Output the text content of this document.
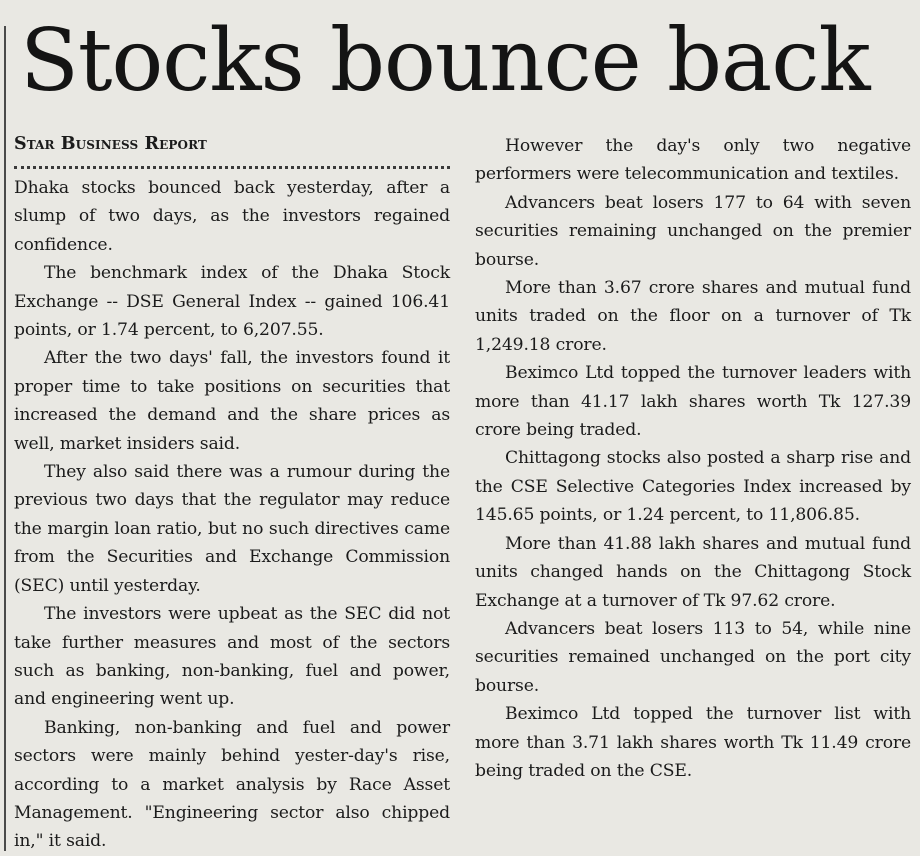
Stocks bounce back

Star Business Report

Dhaka stocks bounced back yesterday, after a slump of two days, as the investors regained confidence.

The benchmark index of the Dhaka Stock Exchange -- DSE General Index -- gained 106.41 points, or 1.74 percent, to 6,207.55.

After the two days' fall, the investors found it proper time to take positions on securities that increased the demand and the share prices as well, market insiders said.

They also said there was a rumour during the previous two days that the regulator may reduce the margin loan ratio, but no such directives came from the Securities and Exchange Commission (SEC) until yesterday.

The investors were upbeat as the SEC did not take further measures and most of the sectors such as banking, non-banking, fuel and power, and engineering went up.

Banking, non-banking and fuel and power sectors were mainly behind yester-day's rise, according to a market analysis by Race Asset Management. "Engineering sector also chipped in," it said.

However the day's only two negative performers were telecommunication and textiles.

Advancers beat losers 177 to 64 with seven securities remaining unchanged on the premier bourse.

More than 3.67 crore shares and mutual fund units traded on the floor on a turnover of Tk 1,249.18 crore.

Beximco Ltd topped the turnover leaders with more than 41.17 lakh shares worth Tk 127.39 crore being traded.

Chittagong stocks also posted a sharp rise and the CSE Selective Categories Index increased by 145.65 points, or 1.24 percent, to 11,806.85.

More than 41.88 lakh shares and mutual fund units changed hands on the Chittagong Stock Exchange at a turnover of Tk 97.62 crore.

Advancers beat losers 113 to 54, while nine securities remained unchanged on the port city bourse.

Beximco Ltd topped the turnover list with more than 3.71 lakh shares worth Tk 11.49 crore being traded on the CSE.
